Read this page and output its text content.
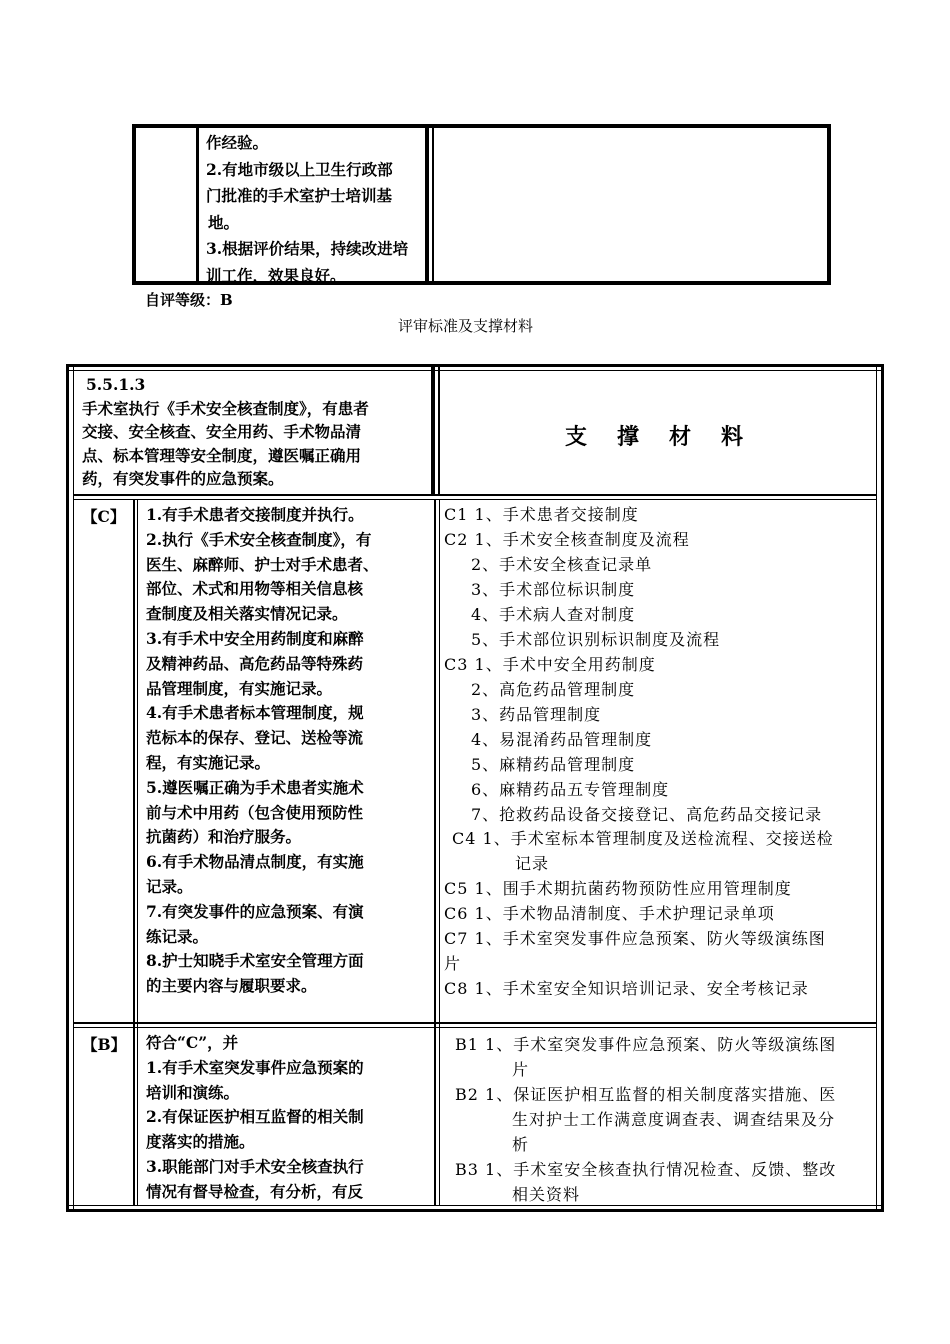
作经验。
2.有地市级以上卫生行政部
门批准的手术室护士培训基
地。
3.根据评价结果，持续改进培
训工作，效果良好。
自评等级：B
评审标准及支撑材料
5.5.1.3
手术室执行《手术安全核查制度》，有患者
交接、安全核查、安全用药、手术物品清
点、标本管理等安全制度，遵医嘱正确用
药，有突发事件的应急预案。
支撑材料
【C】 1.有手术患者交接制度并执行。
2.执行《手术安全核查制度》，有
医生、麻醉师、护士对手术患者、
部位、术式和用物等相关信息核
查制度及相关落实情况记录。
3.有手术中安全用药制度和麻醉
及精神药品、高危药品等特殊药
品管理制度，有实施记录。
4.有手术患者标本管理制度，规
范标本的保存、登记、送检等流
程，有实施记录。
5.遵医嘱正确为手术患者实施术
前与术中用药（包含使用预防性
抗菌药）和治疗服务。
6.有手术物品清点制度，有实施
记录。
7.有突发事件的应急预案、有演
练记录。
8.护士知晓手术室安全管理方面
的主要内容与履职要求。
C1 1、手术患者交接制度
C2 1、手术安全核查制度及流程
2、手术安全核查记录单
3、手术部位标识制度
4、手术病人查对制度
5、手术部位识别标识制度及流程
C3 1、手术中安全用药制度
2、高危药品管理制度
3、药品管理制度
4、易混淆药品管理制度
5、麻精药品管理制度
6、麻精药品五专管理制度
7、抢救药品设备交接登记、高危药品交接记录
C4 1、手术室标本管理制度及送检流程、交接送检
记录
C5 1、围手术期抗菌药物预防性应用管理制度
C6 1、手术物品清制度、手术护理记录单项
C7 1、手术室突发事件应急预案、防火等级演练图
片
C8 1、手术室安全知识培训记录、安全考核记录
【B】 符合“C”，并
1.有手术室突发事件应急预案的
培训和演练。
2.有保证医护相互监督的相关制
度落实的措施。
3.职能部门对手术安全核查执行
情况有督导检查，有分析，有反
B1 1、手术室突发事件应急预案、防火等级演练图
片
B2 1、保证医护相互监督的相关制度落实措施、医
生对护士工作满意度调查表、调查结果及分
析
B3 1、手术室安全核查执行情况检查、反馈、整改
相关资料
